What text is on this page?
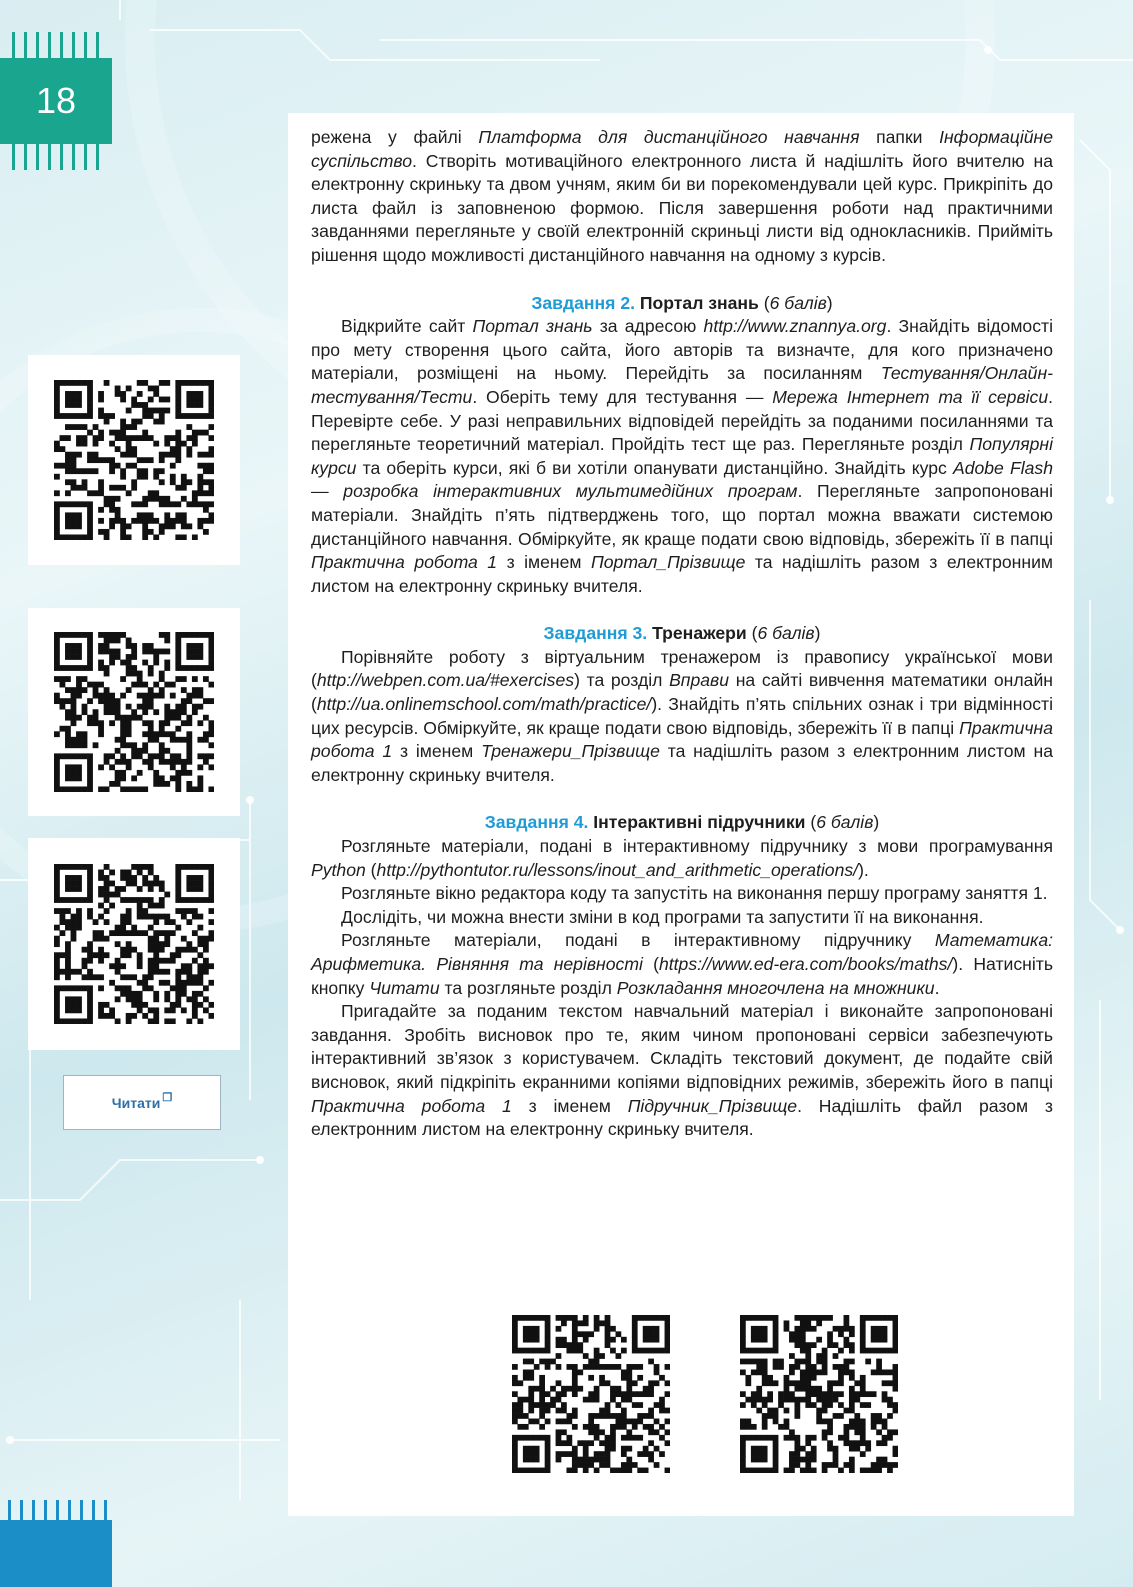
18
Читати ❐

режена у файлі Платформа для дистанційного навчання папки Інформаційне суспільство. Створіть мотиваційного електронного листа й надішліть його вчителю на електронну скриньку та двом учням, яким би ви порекомендували цей курс. Прикріпіть до листа файл із заповненою формою. Після завершення роботи над практичними завданнями перегляньте у своїй електронній скриньці листи від однокласників. Прийміть рішення щодо можливості дистанційного навчання на одному з курсів.

Завдання 2. Портал знань (6 балів)

Відкрийте сайт Портал знань за адресою http://www.znannya.org. Знайдіть відомості про мету створення цього сайта, його авторів та визначте, для кого призначено матеріали, розміщені на ньому. Перейдіть за посиланням Тестування/Онлайн-тестування/Тести. Оберіть тему для тестування — Мережа Інтернет та її сервіси. Перевірте себе. У разі неправильних відповідей перейдіть за поданими посиланнями та перегляньте теоретичний матеріал. Пройдіть тест ще раз. Перегляньте розділ Популярні курси та оберіть курси, які б ви хотіли опанувати дистанційно. Знайдіть курс Adobe Flash — розробка інтерактивних мультимедійних програм. Перегляньте запропоновані матеріали. Знайдіть п’ять підтверджень того, що портал можна вважати системою дистанційного навчання. Обміркуйте, як краще подати свою відповідь, збережіть її в папці Практична робота 1 з іменем Портал_Прізвище та надішліть разом з електронним листом на електронну скриньку вчителя.

Завдання 3. Тренажери (6 балів)

Порівняйте роботу з віртуальним тренажером із правопису української мови (http://webpen.com.ua/#exercises) та розділ Вправи на сайті вивчення математики онлайн (http://ua.onlinemschool.com/math/practice/). Знайдіть п’ять спільних ознак і три відмінності цих ресурсів. Обміркуйте, як краще подати свою відповідь, збережіть її в папці Практична робота 1 з іменем Тренажери_Прізвище та надішліть разом з електронним листом на електронну скриньку вчителя.

Завдання 4. Інтерактивні підручники (6 балів)

Розгляньте матеріали, подані в інтерактивному підручнику з мови програмування Python (http://pythontutor.ru/lessons/inout_and_arithmetic_operations/).

Розгляньте вікно редактора коду та запустіть на виконання першу програму заняття 1.

Дослідіть, чи можна внести зміни в код програми та запустити її на виконання.

Розгляньте матеріали, подані в інтерактивному підручнику Математика: Арифметика. Рівняння та нерівності (https://www.ed-era.com/books/maths/). Натисніть кнопку Читати та розгляньте розділ Розкладання многочлена на множники.

Пригадайте за поданим текстом навчальний матеріал і виконайте запропоновані завдання. Зробіть висновок про те, яким чином пропоновані сервіси забезпечують інтерактивний зв’язок з користувачем. Складіть текстовий документ, де подайте свій висновок, який підкріпіть екранними копіями відповідних режимів, збережіть його в папці Практична робота 1 з іменем Підручник_Прізвище. Надішліть файл разом з електронним листом на електронну скриньку вчителя.
